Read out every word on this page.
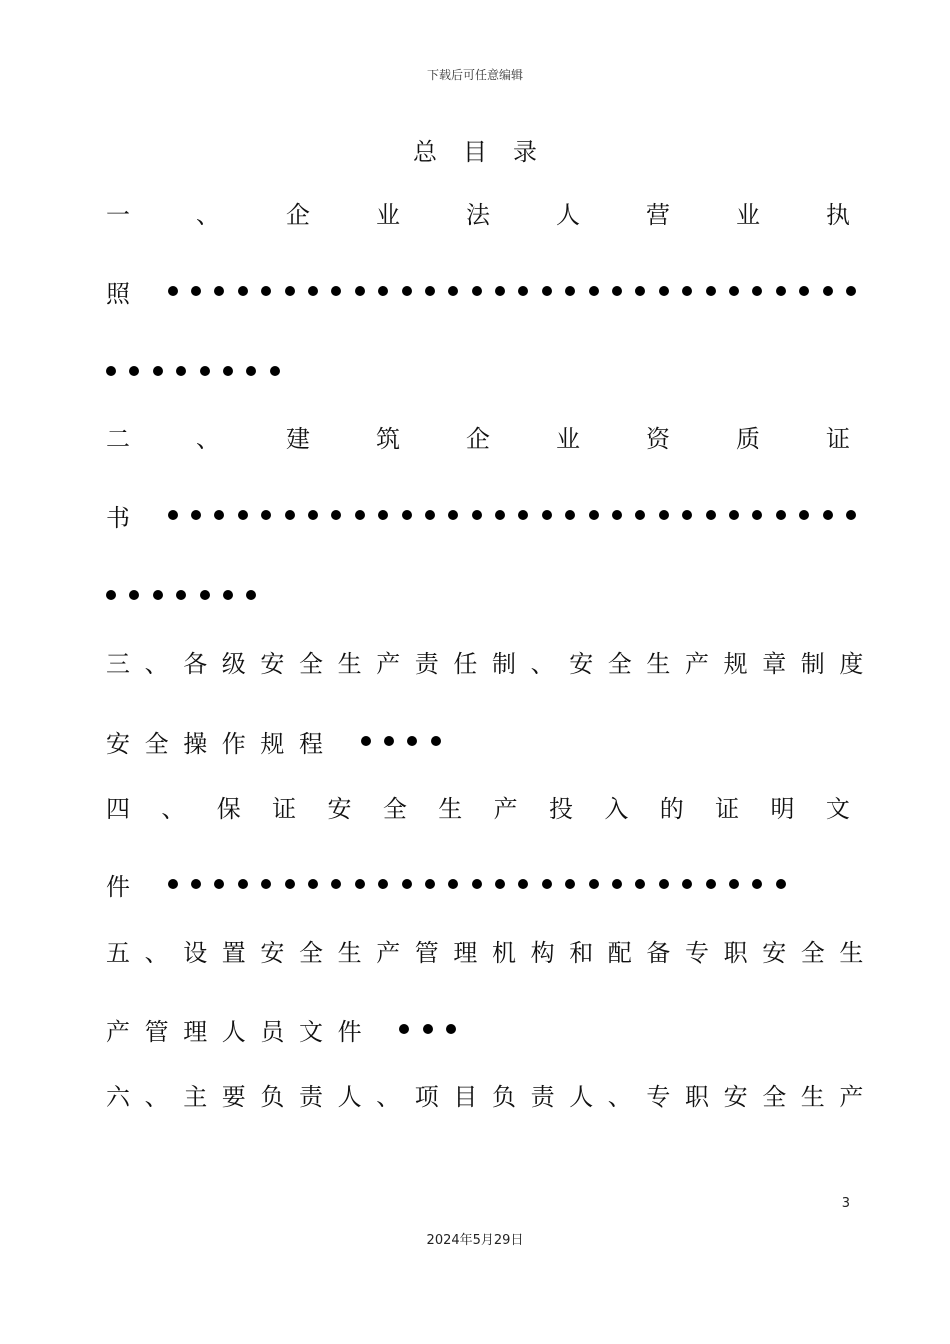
下载后可任意编辑
总目录
一	、	企	业	法	人	营	业	执
照
二	、	建	筑	企	业	资	质	证
书
三、各级安全生产责任制、安全生产规章制度
安全操作规程
四 、 保 证 安 全 生 产 投 入 的 证 明 文
件
五、设置安全生产管理机构和配备专职安全生
产管理人员文件
六、主要负责人、项目负责人、专职安全生产
3
2024年5月29日
